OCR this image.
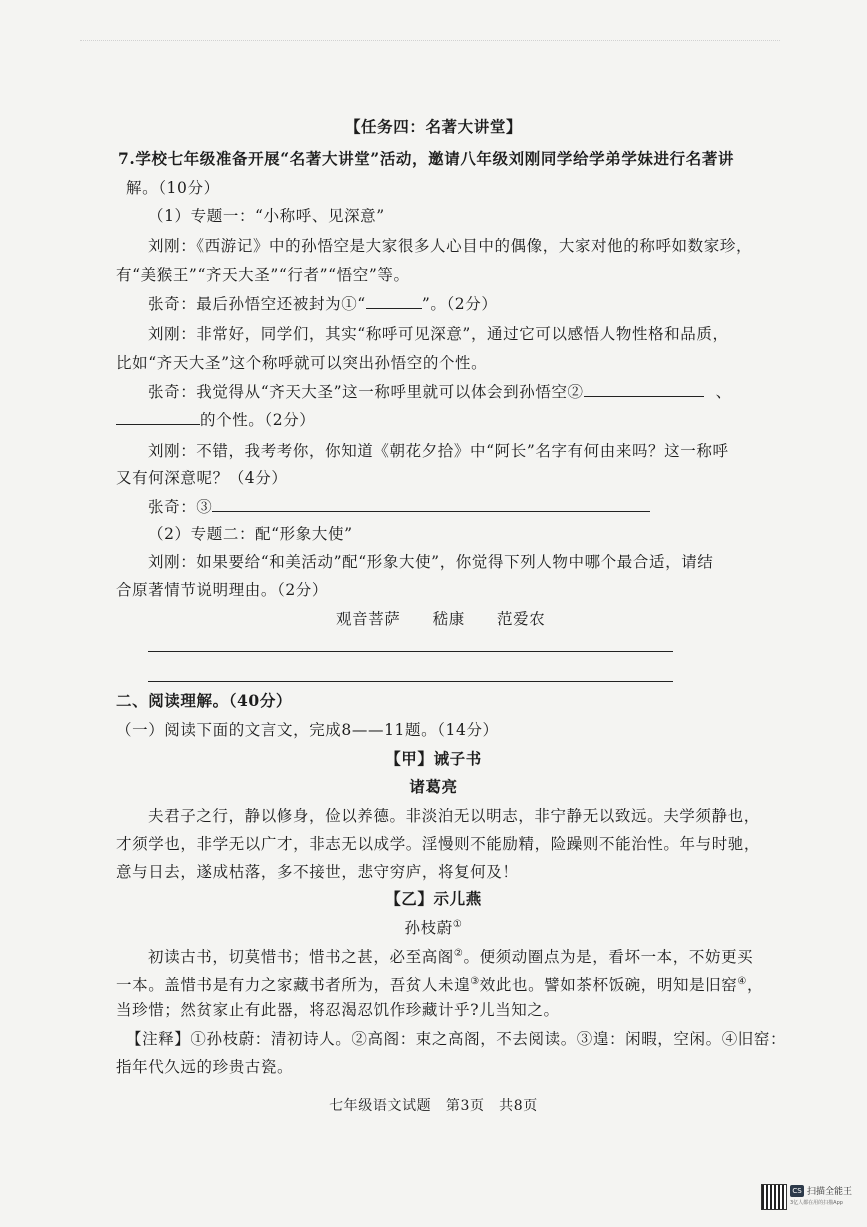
【任务四：名著大讲堂】
7.学校七年级准备开展“名著大讲堂”活动，邀请八年级刘刚同学给学弟学妹进行名著讲
解。（10分）
（1）专题一：“小称呼、见深意”
刘刚：《西游记》中的孙悟空是大家很多人心目中的偶像，大家对他的称呼如数家珍，
有“美猴王”“齐天大圣”“行者”“悟空”等。
张奇：最后孙悟空还被封为①“	”。（2分）
刘刚：非常好，同学们，其实“称呼可见深意”，通过它可以感悟人物性格和品质，
比如“齐天大圣”这个称呼就可以突出孙悟空的个性。
张奇：我觉得从“齐天大圣”这一称呼里就可以体会到孙悟空②	、
的个性。（2分）
刘刚：不错，我考考你，你知道《朝花夕拾》中“阿长”名字有何由来吗？这一称呼
又有何深意呢？（4分）
张奇：③
（2）专题二：配“形象大使”
刘刚：如果要给“和美活动”配“形象大使”，你觉得下列人物中哪个最合适，请结
合原著情节说明理由。（2分）
观音菩萨　　嵇康　　范爱农
二、阅读理解。（40分）
（一）阅读下面的文言文，完成8——11题。（14分）
【甲】诫子书
诸葛亮
夫君子之行，静以修身，俭以养德。非淡泊无以明志，非宁静无以致远。夫学须静也，
才须学也，非学无以广才，非志无以成学。淫慢则不能励精，险躁则不能治性。年与时驰，
意与日去，遂成枯落，多不接世，悲守穷庐，将复何及！
【乙】示儿燕
孙枝蔚①
初读古书，切莫惜书；惜书之甚，必至高阁②。便须动圈点为是，看坏一本，不妨更买
一本。盖惜书是有力之家藏书者所为，吾贫人未遑③效此也。譬如茶杯饭碗，明知是旧窑④，
当珍惜；然贫家止有此器，将忍渴忍饥作珍藏计乎?儿当知之。
【注释】①孙枝蔚：清初诗人。②高阁：束之高阁，不去阅读。③遑：闲暇，空闲。④旧窑：
指年代久远的珍贵古瓷。
七年级语文试题　第3页　共8页
CS 扫描全能王
3亿人都在用的扫描App
